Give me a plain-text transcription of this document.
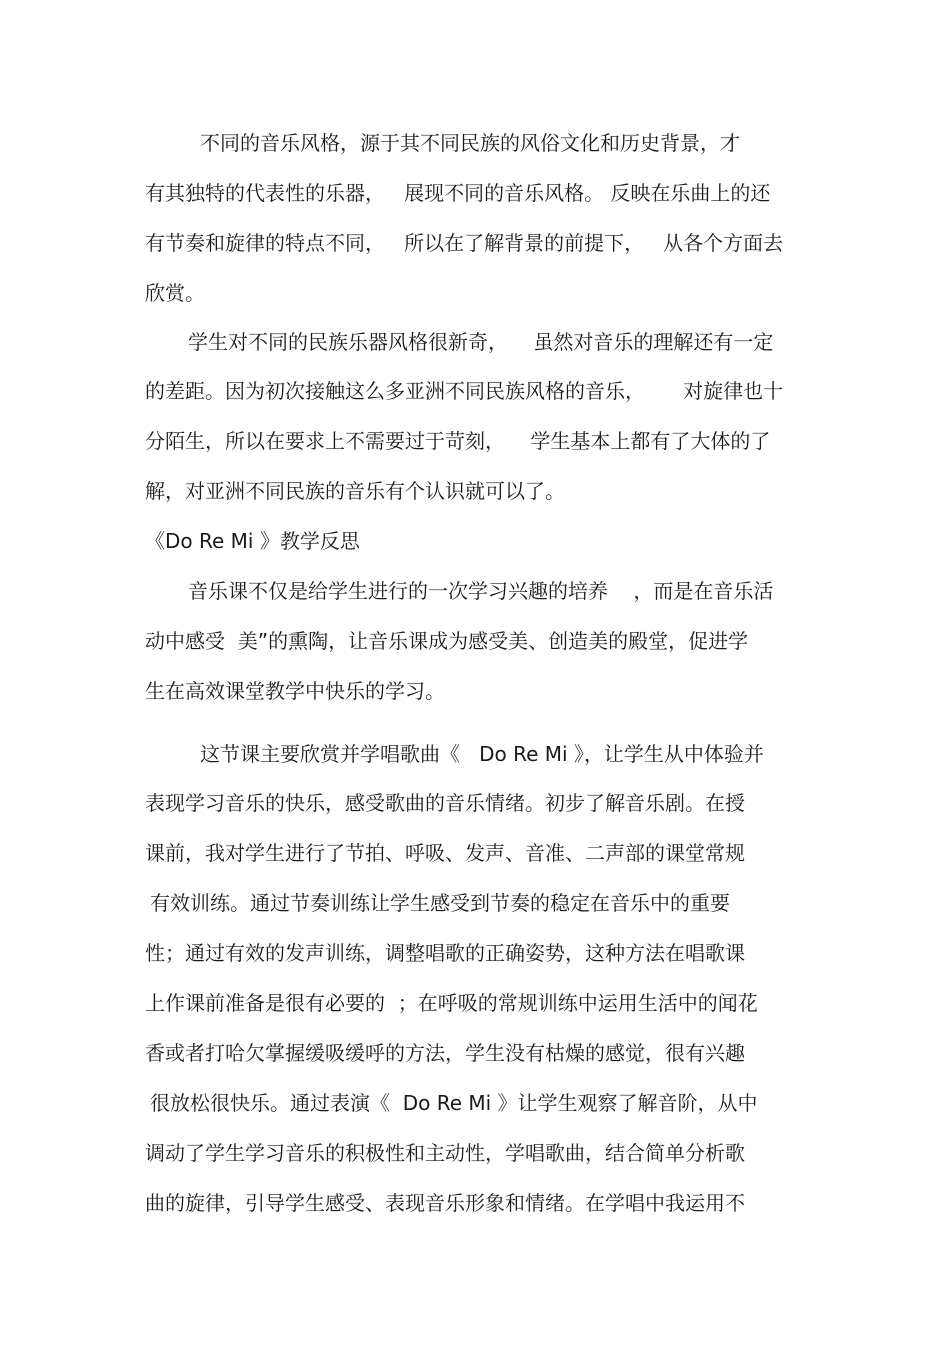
不同的音乐风格，源于其不同民族的风俗文化和历史背景，才
有其独特的代表性的乐器，   展现不同的音乐风格。 反映在乐曲上的还
有节奏和旋律的特点不同，   所以在了解背景的前提下，   从各个方面去
欣赏。
学生对不同的民族乐器风格很新奇，    虽然对音乐的理解还有一定
的差距。因为初次接触这么多亚洲不同民族风格的音乐，      对旋律也十
分陌生，所以在要求上不需要过于苛刻，    学生基本上都有了大体的了
解，对亚洲不同民族的音乐有个认识就可以了。
《Do Re Mi 》教学反思
音乐课不仅是给学生进行的一次学习兴趣的培养    ，而是在音乐活
动中感受  美”的熏陶，让音乐课成为感受美、创造美的殿堂，促进学
生在高效课堂教学中快乐的学习。
这节课主要欣赏并学唱歌曲《   Do Re Mi 》，让学生从中体验并
表现学习音乐的快乐，感受歌曲的音乐情绪。初步了解音乐剧。在授
课前，我对学生进行了节拍、呼吸、发声、音准、二声部的课堂常规
有效训练。通过节奏训练让学生感受到节奏的稳定在音乐中的重要
性；通过有效的发声训练，调整唱歌的正确姿势，这种方法在唱歌课
上作课前准备是很有必要的  ；在呼吸的常规训练中运用生活中的闻花
香或者打哈欠掌握缓吸缓呼的方法，学生没有枯燥的感觉，很有兴趣
很放松很快乐。通过表演《  Do Re Mi 》让学生观察了解音阶，从中
调动了学生学习音乐的积极性和主动性，学唱歌曲，结合简单分析歌
曲的旋律，引导学生感受、表现音乐形象和情绪。在学唱中我运用不
